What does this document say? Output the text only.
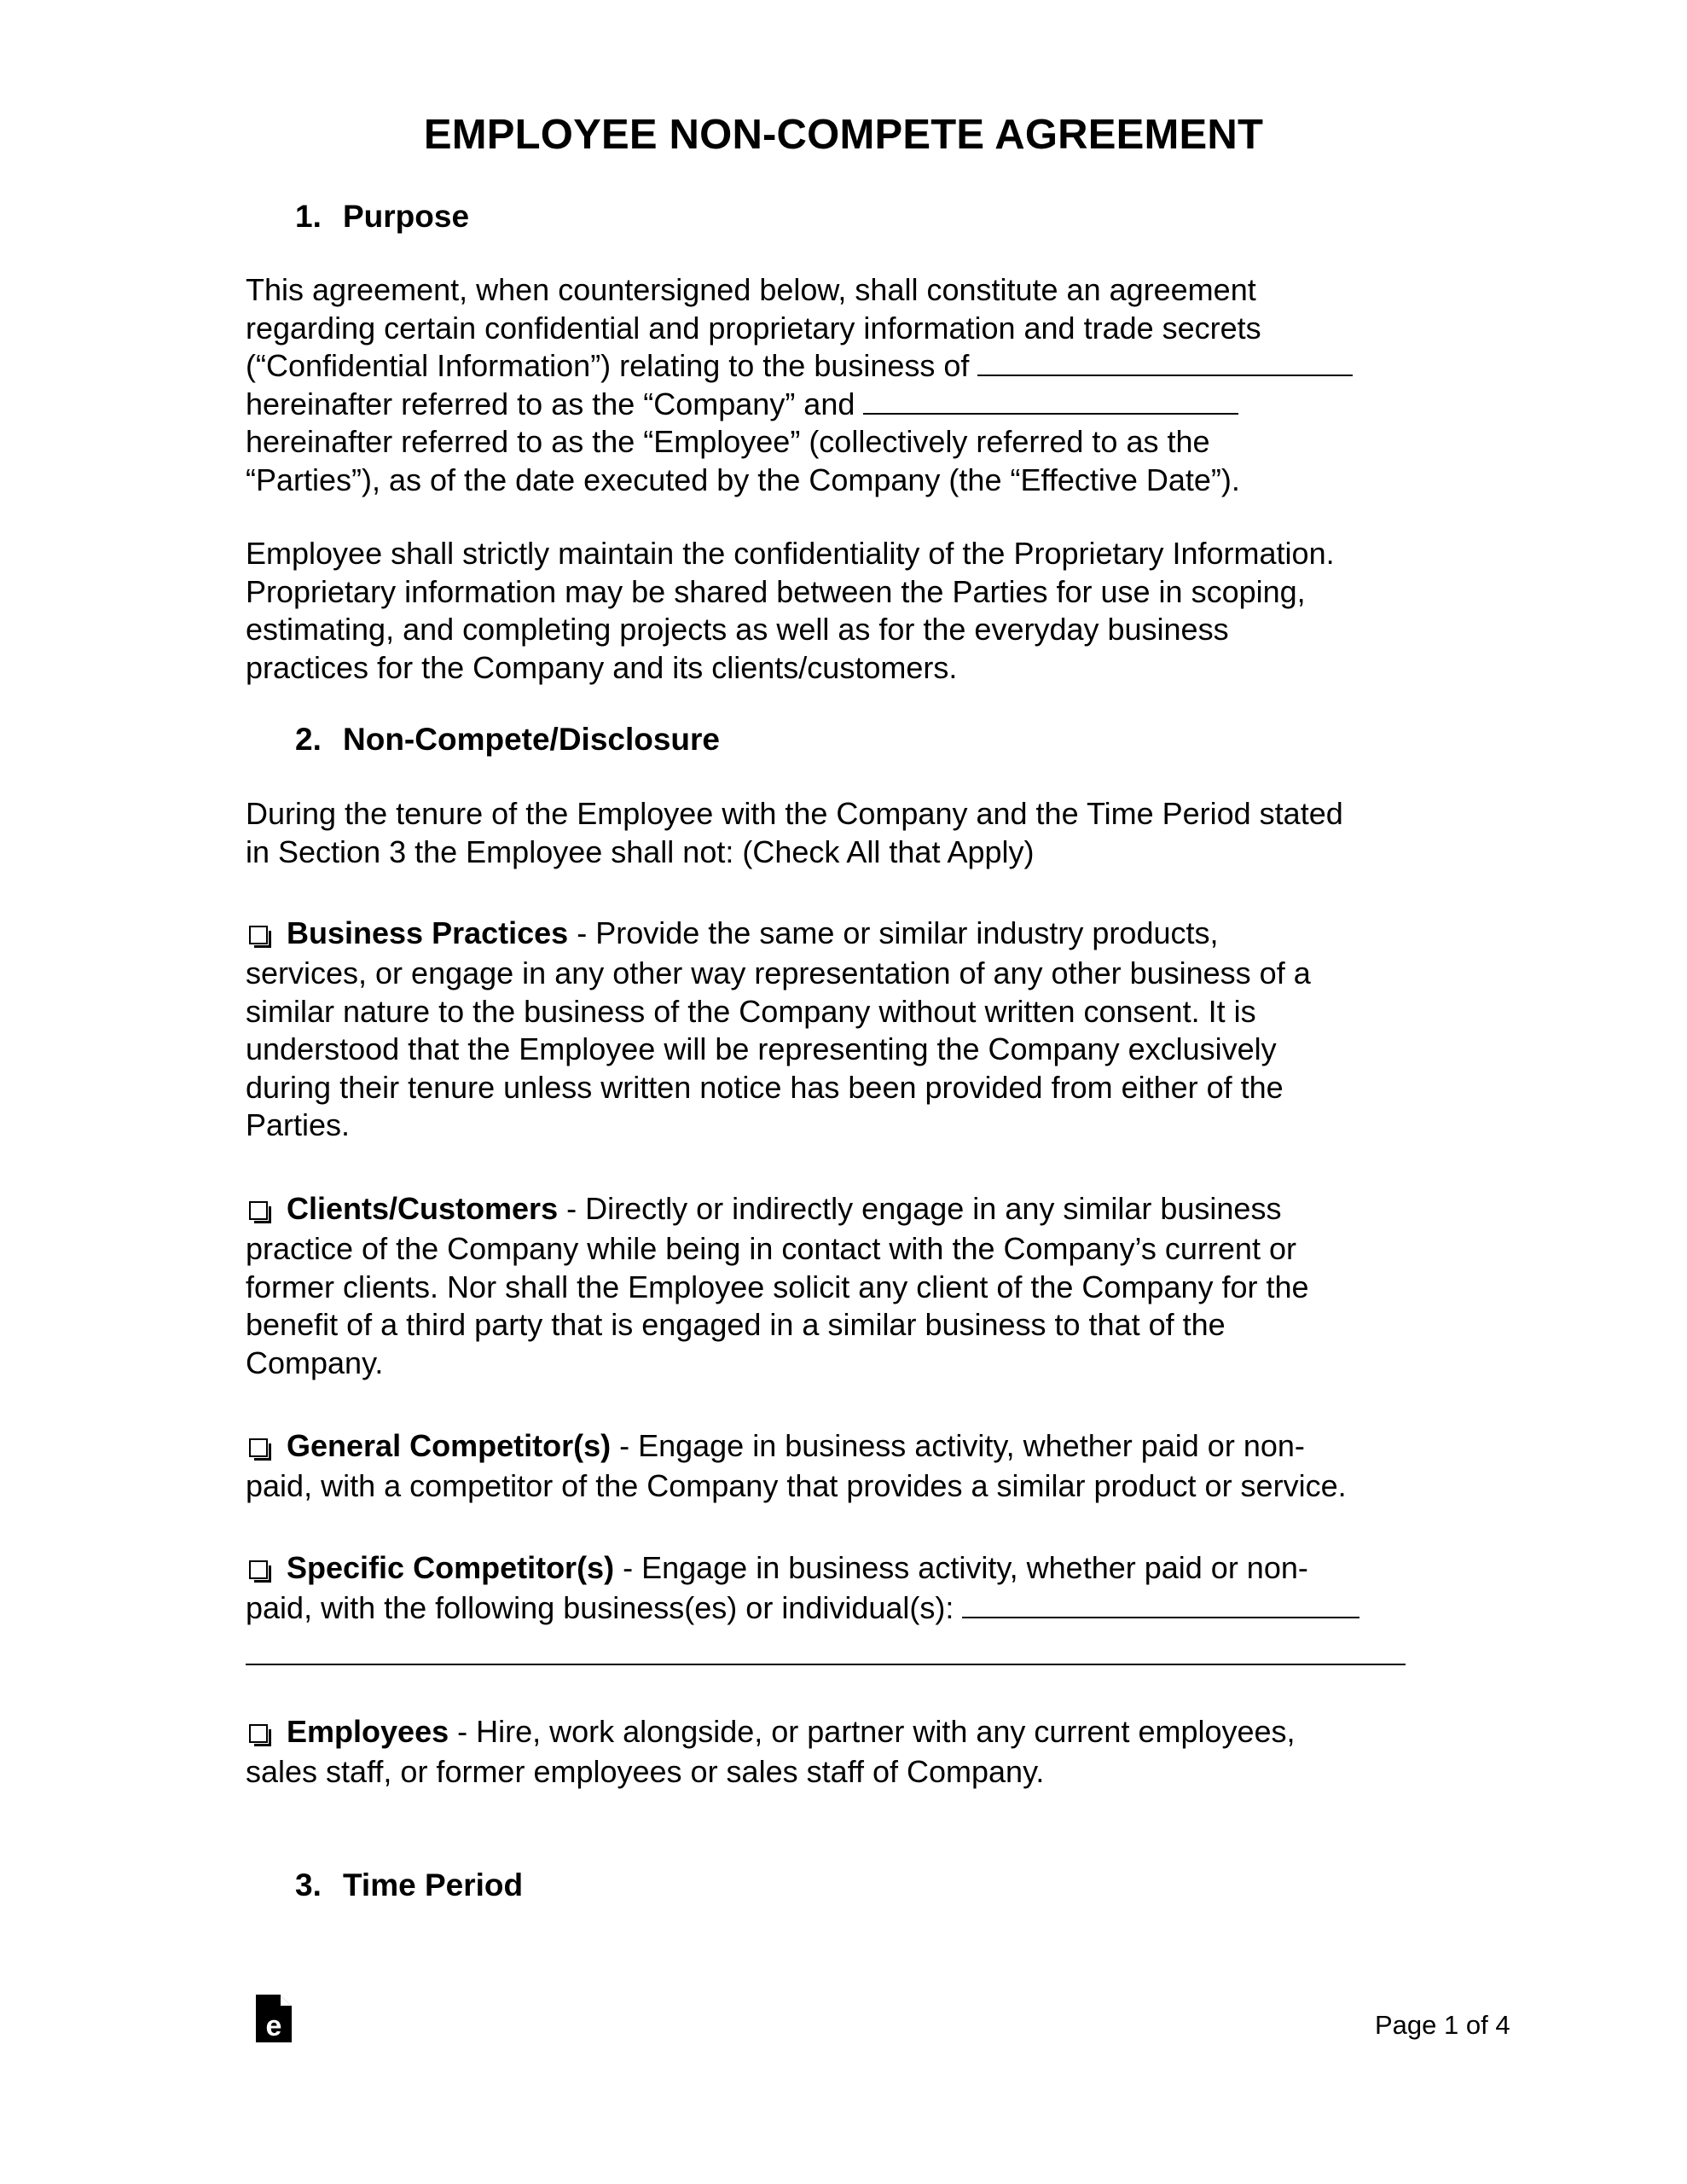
EMPLOYEE NON-COMPETE AGREEMENT
1. Purpose
This agreement, when countersigned below, shall constitute an agreement
regarding certain confidential and proprietary information and trade secrets
(“Confidential Information”) relating to the business of
hereinafter referred to as the “Company” and
hereinafter referred to as the “Employee” (collectively referred to as the
“Parties”), as of the date executed by the Company (the “Effective Date”).
Employee shall strictly maintain the confidentiality of the Proprietary Information.
Proprietary information may be shared between the Parties for use in scoping,
estimating, and completing projects as well as for the everyday business
practices for the Company and its clients/customers.
2. Non-Compete/Disclosure
During the tenure of the Employee with the Company and the Time Period stated
in Section 3 the Employee shall not: (Check All that Apply)
Business Practices - Provide the same or similar industry products,
services, or engage in any other way representation of any other business of a
similar nature to the business of the Company without written consent. It is
understood that the Employee will be representing the Company exclusively
during their tenure unless written notice has been provided from either of the
Parties.
Clients/Customers - Directly or indirectly engage in any similar business
practice of the Company while being in contact with the Company’s current or
former clients. Nor shall the Employee solicit any client of the Company for the
benefit of a third party that is engaged in a similar business to that of the
Company.
General Competitor(s) - Engage in business activity, whether paid or non-
paid, with a competitor of the Company that provides a similar product or service.
Specific Competitor(s) - Engage in business activity, whether paid or non-
paid, with the following business(es) or individual(s):
Employees - Hire, work alongside, or partner with any current employees,
sales staff, or former employees or sales staff of Company.
3. Time Period
e	Page 1 of 4
